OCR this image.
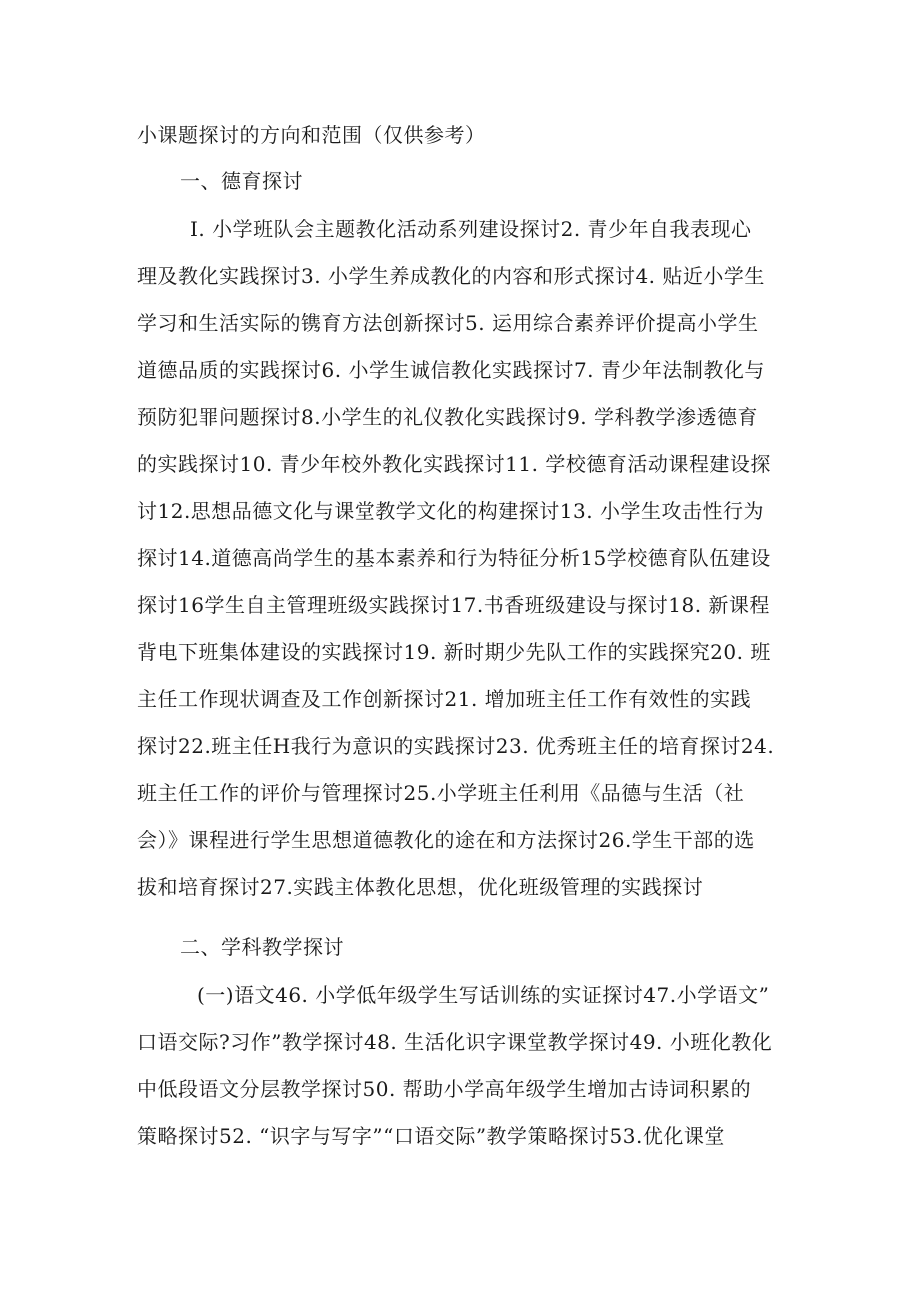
小课题探讨的方向和范围（仅供参考）

一、德育探讨

I. 小学班队会主题教化活动系列建设探讨2. 青少年自我表现心
理及教化实践探讨3. 小学生养成教化的内容和形式探讨4. 贴近小学生
学习和生活实际的镌育方法创新探讨5. 运用综合素养评价提高小学生
道德品质的实践探讨6. 小学生诚信教化实践探讨7. 青少年法制教化与
预防犯罪问题探讨8.小学生的礼仪教化实践探讨9. 学科教学渗透德育
的实践探讨10. 青少年校外教化实践探讨11. 学校德育活动课程建设探
讨12.思想品德文化与课堂教学文化的构建探讨13. 小学生攻击性行为
探讨14.道德高尚学生的基本素养和行为特征分析15学校德育队伍建设
探讨16学生自主管理班级实践探讨17.书香班级建设与探讨18. 新课程
背电下班集体建设的实践探讨19. 新时期少先队工作的实践探究20. 班
主任工作现状调查及工作创新探讨21. 增加班主任工作有效性的实践
探讨22.班主任H我行为意识的实践探讨23. 优秀班主任的培育探讨24.
班主任工作的评价与管理探讨25.小学班主任利用《品德与生活（社
会）》课程进行学生思想道德教化的途在和方法探讨26.学生干部的选
拔和培育探讨27.实践主体教化思想，优化班级管理的实践探讨

二、学科教学探讨

(一)语文46. 小学低年级学生写话训练的实证探讨47.小学语文”
口语交际?习作”教学探讨48. 生活化识字课堂教学探讨49. 小班化教化
中低段语文分层教学探讨50. 帮助小学高年级学生增加古诗词积累的
策略探讨52. “识字与写字”“口语交际”教学策略探讨53.优化课堂
